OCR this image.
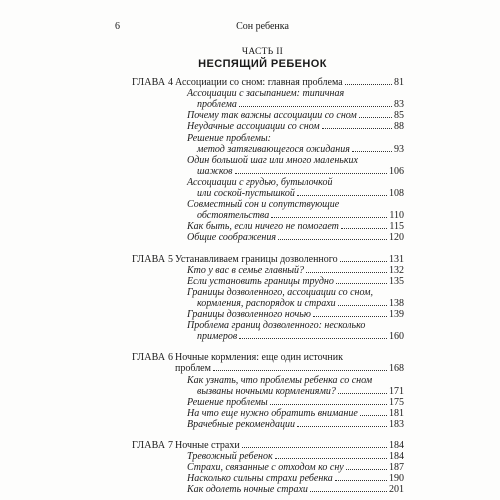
6	Сон ребенка
ЧАСТЬ II
НЕСПЯЩИЙ РЕБЕНОК
ГЛАВА 4 Ассоциации со сном: главная проблема	81
Ассоциации с засыпанием: типичная
проблема	83
Почему так важны ассоциации со сном	85
Неудачные ассоциации со сном	88
Решение проблемы:
метод затягивающегося ожидания	93
Один большой шаг или много маленьких
шажков	106
Ассоциации с грудью, бутылочкой
или соской-пустышкой	108
Совместный сон и сопутствующие
обстоятельства	110
Как быть, если ничего не помогает	115
Общие соображения	120
ГЛАВА 5 Устанавливаем границы дозволенного	131
Кто у вас в семье главный?	132
Если установить границы трудно	135
Границы дозволенного, ассоциации со сном,
кормления, распорядок и страхи	138
Границы дозволенного ночью	139
Проблема границ дозволенного: несколько
примеров	160
ГЛАВА 6 Ночные кормления: еще один источник
проблем	168
Как узнать, что проблемы ребенка со сном
вызваны ночными кормлениями?	171
Решение проблемы	175
На что еще нужно обратить внимание	181
Врачебные рекомендации	183
ГЛАВА 7 Ночные страхи	184
Тревожный ребенок	184
Страхи, связанные с отходом ко сну	187
Насколько сильны страхи ребенка	190
Как одолеть ночные страхи	201
